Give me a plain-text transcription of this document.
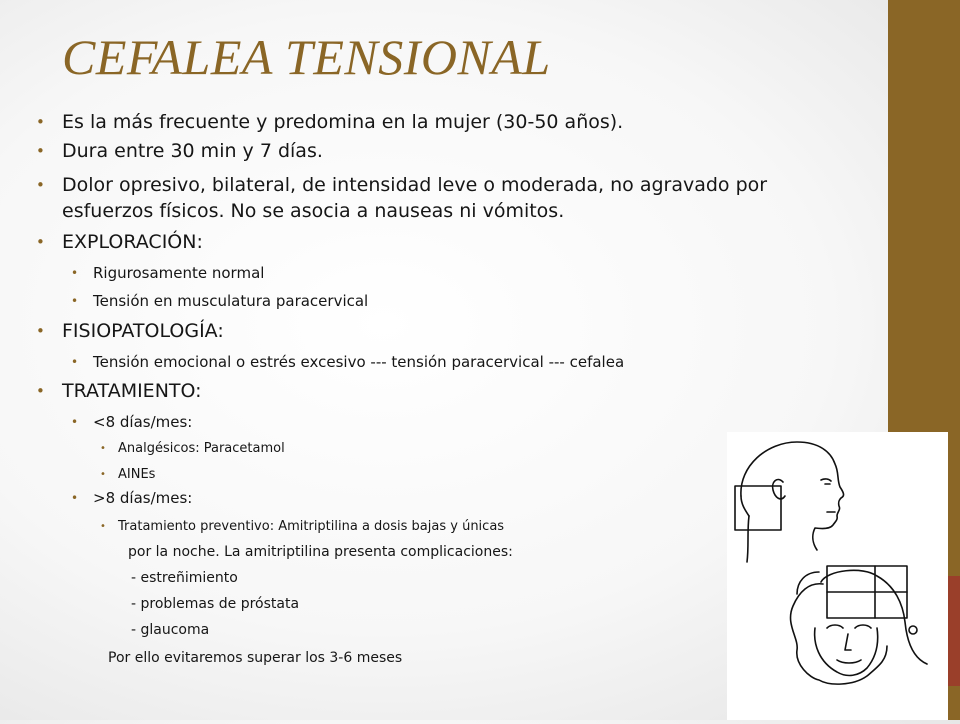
CEFALEA TENSIONAL
• Es la más frecuente y predomina en la mujer (30-50 años).
• Dura entre 30 min y 7 días.
• Dolor opresivo, bilateral, de intensidad leve o moderada, no agravado por
esfuerzos físicos. No se asocia a nauseas ni vómitos.
• EXPLORACIÓN:
• Rigurosamente normal
• Tensión en musculatura paracervical
• FISIOPATOLOGÍA:
• Tensión emocional o estrés excesivo --- tensión paracervical --- cefalea
• TRATAMIENTO:
• <8 días/mes:
• Analgésicos: Paracetamol
• AINEs
• >8 días/mes:
• Tratamiento preventivo: Amitriptilina a dosis bajas y únicas
por la noche. La amitriptilina presenta complicaciones:
- estreñimiento
- problemas de próstata
- glaucoma
Por ello evitaremos superar los 3-6 meses
